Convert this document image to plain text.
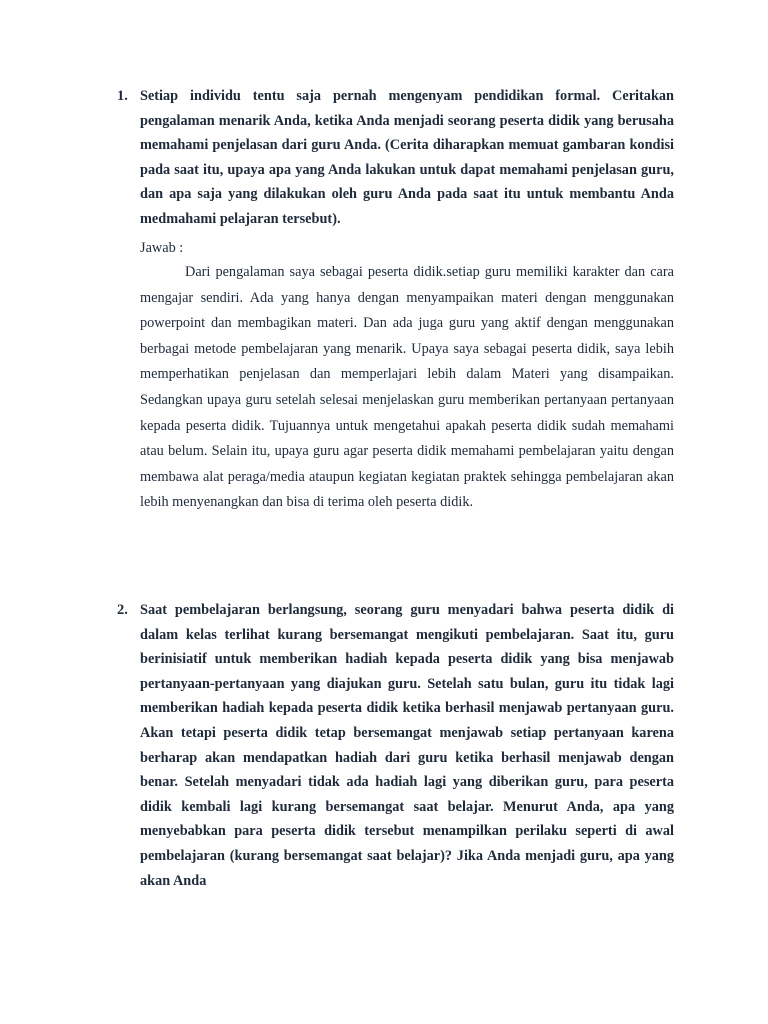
1. Setiap individu tentu saja pernah mengenyam pendidikan formal. Ceritakan pengalaman menarik Anda, ketika Anda menjadi seorang peserta didik yang berusaha memahami penjelasan dari guru Anda. (Cerita diharapkan memuat gambaran kondisi pada saat itu, upaya apa yang Anda lakukan untuk dapat memahami penjelasan guru, dan apa saja yang dilakukan oleh guru Anda pada saat itu untuk membantu Anda medmahami pelajaran tersebut).

Jawab :

Dari pengalaman saya sebagai peserta didik.setiap guru memiliki karakter dan cara mengajar sendiri. Ada yang hanya dengan menyampaikan materi dengan menggunakan powerpoint dan membagikan materi. Dan ada juga guru yang aktif dengan menggunakan berbagai metode pembelajaran yang menarik. Upaya saya sebagai peserta didik, saya lebih memperhatikan penjelasan dan memperlajari lebih dalam Materi yang disampaikan. Sedangkan upaya guru setelah selesai menjelaskan guru memberikan pertanyaan pertanyaan kepada peserta didik. Tujuannya untuk mengetahui apakah peserta didik sudah memahami atau belum. Selain itu, upaya guru agar peserta didik memahami pembelajaran yaitu dengan membawa alat peraga/media ataupun kegiatan kegiatan praktek sehingga pembelajaran akan lebih menyenangkan dan bisa di terima oleh peserta didik.

2. Saat pembelajaran berlangsung, seorang guru menyadari bahwa peserta didik di dalam kelas terlihat kurang bersemangat mengikuti pembelajaran. Saat itu, guru berinisiatif untuk memberikan hadiah kepada peserta didik yang bisa menjawab pertanyaan-pertanyaan yang diajukan guru. Setelah satu bulan, guru itu tidak lagi memberikan hadiah kepada peserta didik ketika berhasil menjawab pertanyaan guru. Akan tetapi peserta didik tetap bersemangat menjawab setiap pertanyaan karena berharap akan mendapatkan hadiah dari guru ketika berhasil menjawab dengan benar. Setelah menyadari tidak ada hadiah lagi yang diberikan guru, para peserta didik kembali lagi kurang bersemangat saat belajar. Menurut Anda, apa yang menyebabkan para peserta didik tersebut menampilkan perilaku seperti di awal pembelajaran (kurang bersemangat saat belajar)? Jika Anda menjadi guru, apa yang akan Anda
